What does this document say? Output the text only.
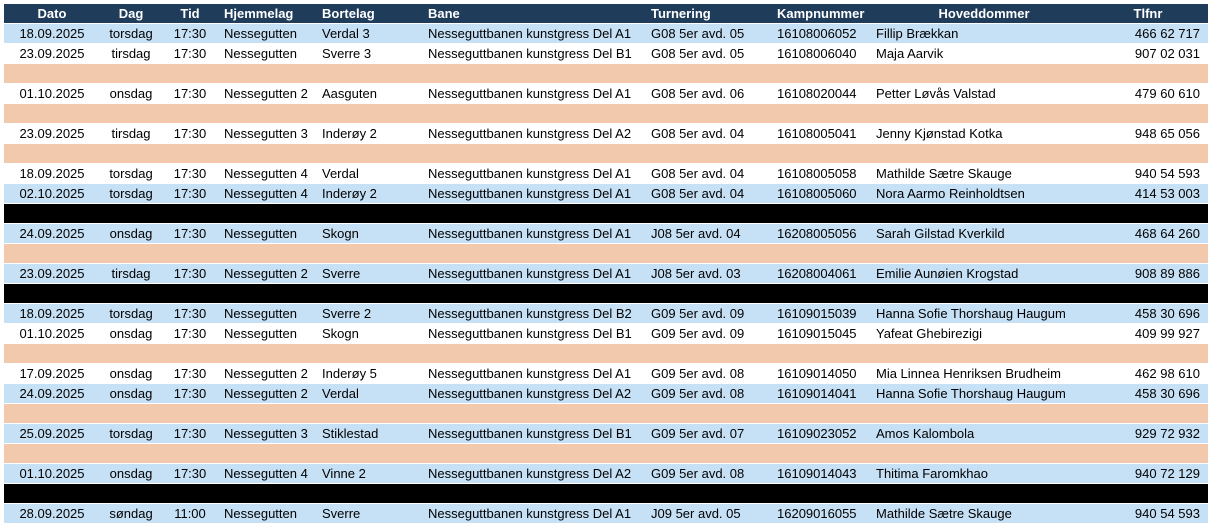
Dato	Dag	Tid	Hjemmelag	Bortelag	Bane	Turnering	Kampnummer	Hoveddommer	Tlfnr
18.09.2025	torsdag	17:30	Nessegutten	Verdal 3	Nesseguttbanen kunstgress Del A1	G08 5er avd. 05	16108006052	Fillip Brækkan	466 62 717
23.09.2025	tirsdag	17:30	Nessegutten	Sverre 3	Nesseguttbanen kunstgress Del B1	G08 5er avd. 05	16108006040	Maja Aarvik	907 02 031
01.10.2025	onsdag	17:30	Nessegutten 2	Aasguten	Nesseguttbanen kunstgress Del A1	G08 5er avd. 06	16108020044	Petter Løvås Valstad	479 60 610
23.09.2025	tirsdag	17:30	Nessegutten 3	Inderøy 2	Nesseguttbanen kunstgress Del A2	G08 5er avd. 04	16108005041	Jenny Kjønstad Kotka	948 65 056
18.09.2025	torsdag	17:30	Nessegutten 4	Verdal	Nesseguttbanen kunstgress Del A1	G08 5er avd. 04	16108005058	Mathilde Sætre Skauge	940 54 593
02.10.2025	torsdag	17:30	Nessegutten 4	Inderøy 2	Nesseguttbanen kunstgress Del A1	G08 5er avd. 04	16108005060	Nora Aarmo Reinholdtsen	414 53 003
24.09.2025	onsdag	17:30	Nessegutten	Skogn	Nesseguttbanen kunstgress Del A1	J08 5er avd. 04	16208005056	Sarah Gilstad Kverkild	468 64 260
23.09.2025	tirsdag	17:30	Nessegutten 2	Sverre	Nesseguttbanen kunstgress Del A1	J08 5er avd. 03	16208004061	Emilie Aunøien Krogstad	908 89 886
18.09.2025	torsdag	17:30	Nessegutten	Sverre 2	Nesseguttbanen kunstgress Del B2	G09 5er avd. 09	16109015039	Hanna Sofie Thorshaug Haugum	458 30 696
01.10.2025	onsdag	17:30	Nessegutten	Skogn	Nesseguttbanen kunstgress Del B1	G09 5er avd. 09	16109015045	Yafeat Ghebirezigi	409 99 927
17.09.2025	onsdag	17:30	Nessegutten 2	Inderøy 5	Nesseguttbanen kunstgress Del A1	G09 5er avd. 08	16109014050	Mia Linnea Henriksen Brudheim	462 98 610
24.09.2025	onsdag	17:30	Nessegutten 2	Verdal	Nesseguttbanen kunstgress Del A2	G09 5er avd. 08	16109014041	Hanna Sofie Thorshaug Haugum	458 30 696
25.09.2025	torsdag	17:30	Nessegutten 3	Stiklestad	Nesseguttbanen kunstgress Del B1	G09 5er avd. 07	16109023052	Amos Kalombola	929 72 932
01.10.2025	onsdag	17:30	Nessegutten 4	Vinne 2	Nesseguttbanen kunstgress Del A2	G09 5er avd. 08	16109014043	Thitima Faromkhao	940 72 129
28.09.2025	søndag	11:00	Nessegutten	Sverre	Nesseguttbanen kunstgress Del A1	J09 5er avd. 05	16209016055	Mathilde Sætre Skauge	940 54 593
